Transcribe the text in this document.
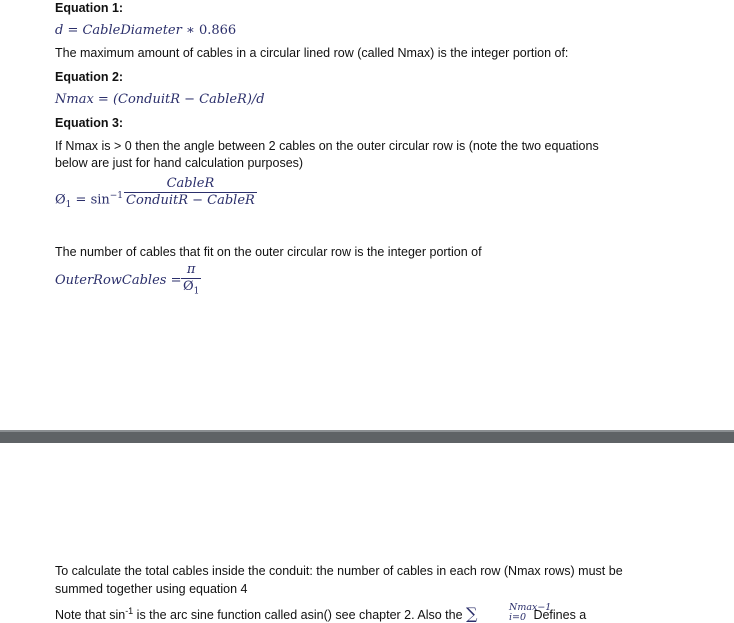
Equation 1:
d = CableDiameter ∗ 0.866
The maximum amount of cables in a circular lined row (called Nmax) is the integer portion of:
Equation 2:
Nmax = (ConduitR − CableR)/d
Equation 3:
If Nmax is > 0 then the angle between 2 cables on the outer circular row is (note the two equations
below are just for hand calculation purposes)
$Ø_1 = \sin^{-1}$
CableR
ConduitR − CableR
The number of cables that fit on the outer circular row is the integer portion of
OuterRowCables =
π
$Ø_1$
To calculate the total cables inside the conduit: the number of cables in each row (Nmax rows) must be
summed together using equation 4
Note that $\sin^{-1}$ is the arc sine function called asin() see chapter 2. Also the ∑	Defines a
Nmax−1
i=0
